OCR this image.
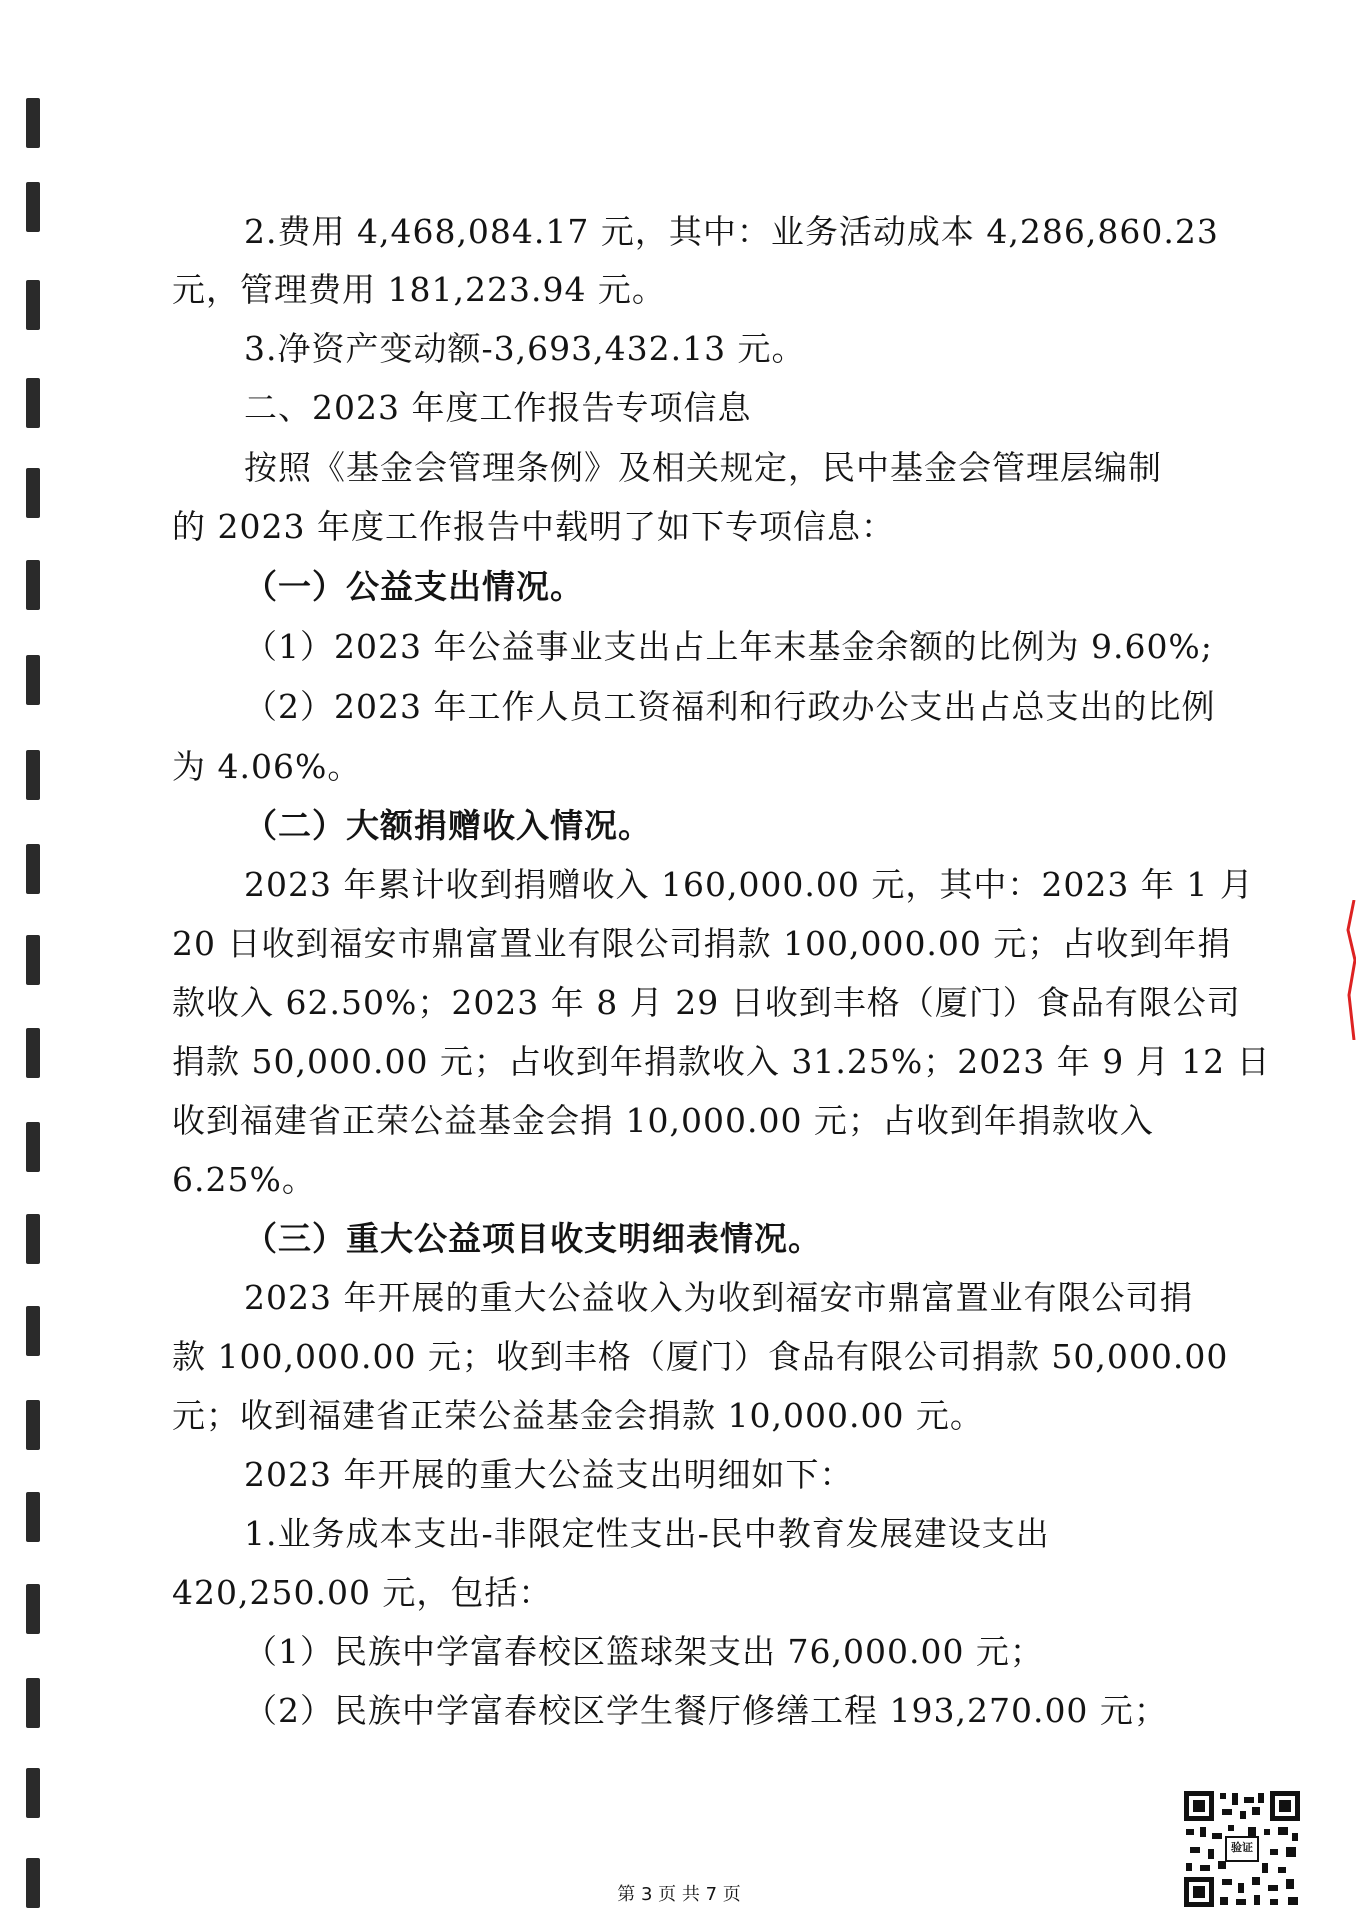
2.费用 4,468,084.17 元，其中：业务活动成本 4,286,860.23
元，管理费用 181,223.94 元。
3.净资产变动额-3,693,432.13 元。
二、2023 年度工作报告专项信息
按照《基金会管理条例》及相关规定，民中基金会管理层编制
的 2023 年度工作报告中载明了如下专项信息：
（一）公益支出情况。
（1）2023 年公益事业支出占上年末基金余额的比例为 9.60%;
（2）2023 年工作人员工资福利和行政办公支出占总支出的比例
为 4.06%。
（二）大额捐赠收入情况。
2023 年累计收到捐赠收入 160,000.00 元，其中：2023 年 1 月
20 日收到福安市鼎富置业有限公司捐款 100,000.00 元；占收到年捐
款收入 62.50%；2023 年 8 月 29 日收到丰格（厦门）食品有限公司
捐款 50,000.00 元；占收到年捐款收入 31.25%；2023 年 9 月 12 日
收到福建省正荣公益基金会捐 10,000.00 元；占收到年捐款收入
6.25%。
（三）重大公益项目收支明细表情况。
2023 年开展的重大公益收入为收到福安市鼎富置业有限公司捐
款 100,000.00 元；收到丰格（厦门）食品有限公司捐款 50,000.00
元；收到福建省正荣公益基金会捐款 10,000.00 元。
2023 年开展的重大公益支出明细如下：
1.业务成本支出-非限定性支出-民中教育发展建设支出
420,250.00 元，包括：
（1）民族中学富春校区篮球架支出 76,000.00 元；
（2）民族中学富春校区学生餐厅修缮工程 193,270.00 元；
验证
第 3 页 共 7 页
